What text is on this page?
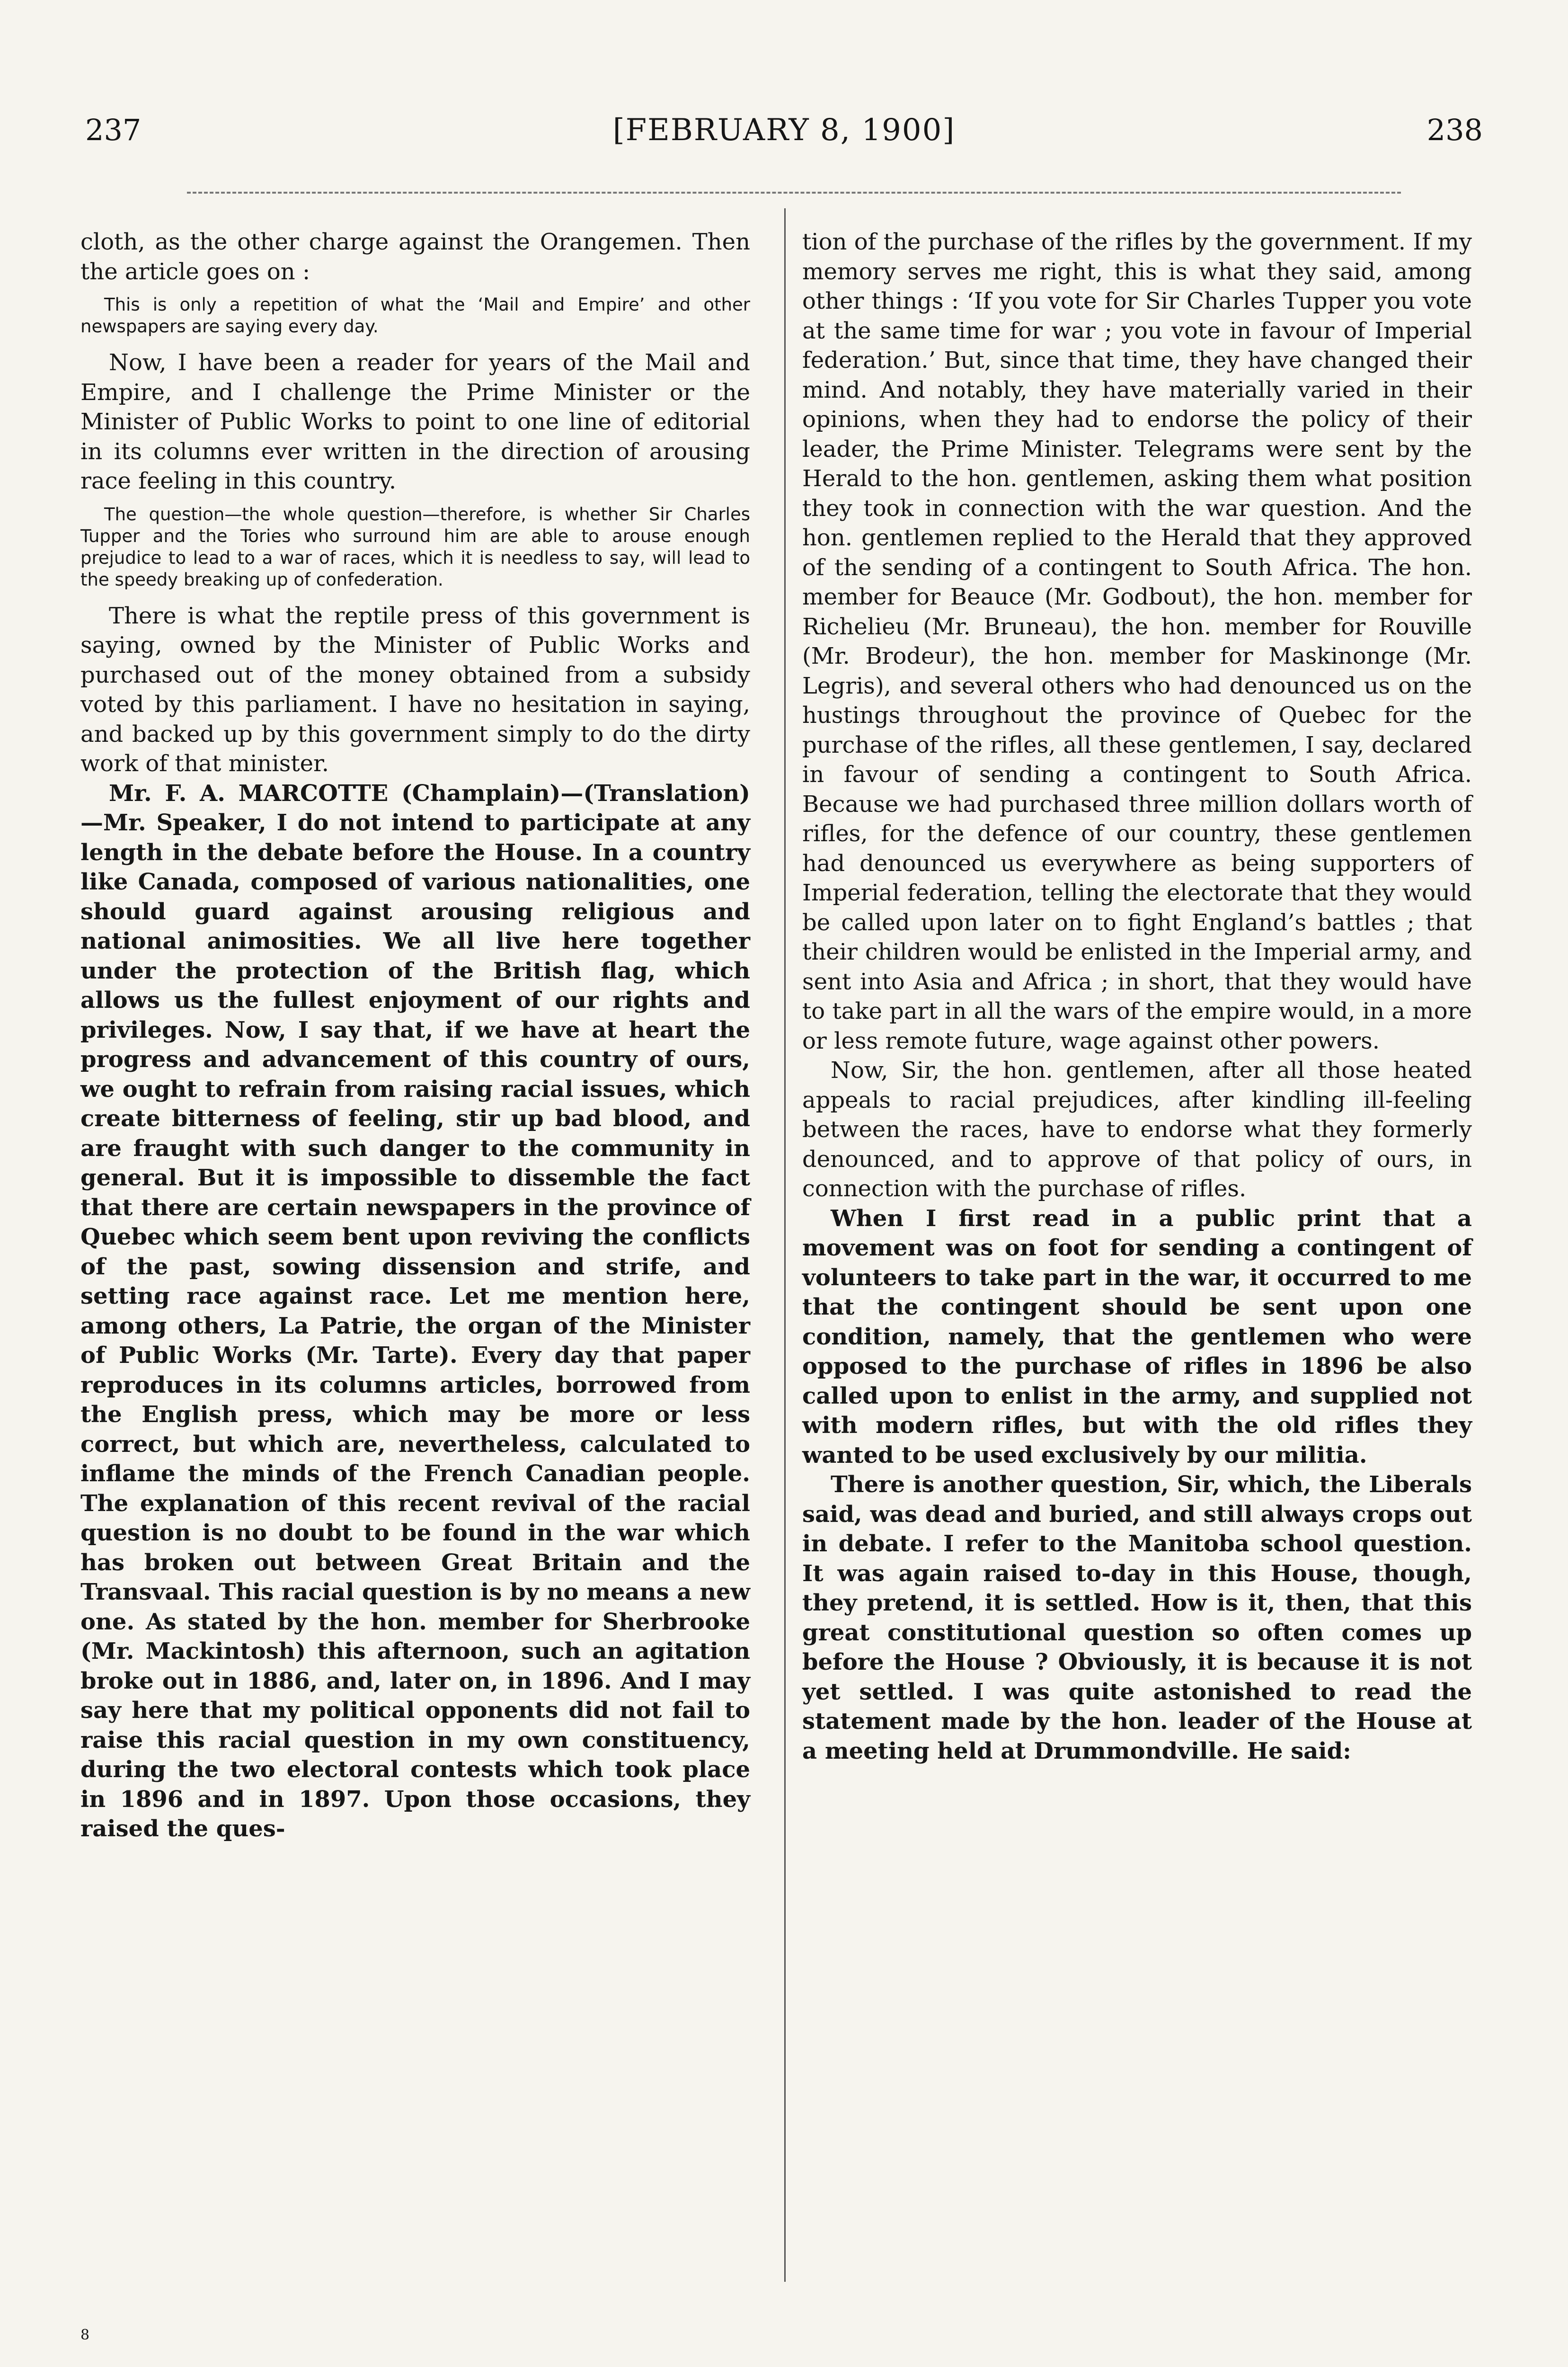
237	[FEBRUARY 8, 1900]	238

cloth, as the other charge against the Orangemen. Then the article goes on :

This is only a repetition of what the ‘Mail and Empire’ and other newspapers are saying every day.

Now, I have been a reader for years of the Mail and Empire, and I challenge the Prime Minister or the Minister of Public Works to point to one line of editorial in its columns ever written in the direction of arousing race feeling in this country.

The question—the whole question—therefore, is whether Sir Charles Tupper and the Tories who surround him are able to arouse enough prejudice to lead to a war of races, which it is needless to say, will lead to the speedy breaking up of confederation.

There is what the reptile press of this government is saying, owned by the Minister of Public Works and purchased out of the money obtained from a subsidy voted by this parliament. I have no hesitation in saying, and backed up by this government simply to do the dirty work of that minister.

Mr. F. A. MARCOTTE (Champlain)—(Translation)—Mr. Speaker, I do not intend to participate at any length in the debate before the House. In a country like Canada, composed of various nationalities, one should guard against arousing religious and national animosities. We all live here together under the protection of the British flag, which allows us the fullest enjoyment of our rights and privileges. Now, I say that, if we have at heart the progress and advancement of this country of ours, we ought to refrain from raising racial issues, which create bitterness of feeling, stir up bad blood, and are fraught with such danger to the community in general. But it is impossible to dissemble the fact that there are certain newspapers in the province of Quebec which seem bent upon reviving the conflicts of the past, sowing dissension and strife, and setting race against race. Let me mention here, among others, La Patrie, the organ of the Minister of Public Works (Mr. Tarte). Every day that paper reproduces in its columns articles, borrowed from the English press, which may be more or less correct, but which are, nevertheless, calculated to inflame the minds of the French Canadian people. The explanation of this recent revival of the racial question is no doubt to be found in the war which has broken out between Great Britain and the Transvaal. This racial question is by no means a new one. As stated by the hon. member for Sherbrooke (Mr. Mackintosh) this afternoon, such an agitation broke out in 1886, and, later on, in 1896. And I may say here that my political opponents did not fail to raise this racial question in my own constituency, during the two electoral contests which took place in 1896 and in 1897. Upon those occasions, they raised the ques-

tion of the purchase of the rifles by the government. If my memory serves me right, this is what they said, among other things : ‘If you vote for Sir Charles Tupper you vote at the same time for war ; you vote in favour of Imperial federation.’ But, since that time, they have changed their mind. And notably, they have materially varied in their opinions, when they had to endorse the policy of their leader, the Prime Minister. Telegrams were sent by the Herald to the hon. gentlemen, asking them what position they took in connection with the war question. And the hon. gentlemen replied to the Herald that they approved of the sending of a contingent to South Africa. The hon. member for Beauce (Mr. Godbout), the hon. member for Richelieu (Mr. Bruneau), the hon. member for Rouville (Mr. Brodeur), the hon. member for Maskinonge (Mr. Legris), and several others who had denounced us on the hustings throughout the province of Quebec for the purchase of the rifles, all these gentlemen, I say, declared in favour of sending a contingent to South Africa. Because we had purchased three million dollars worth of rifles, for the defence of our country, these gentlemen had denounced us everywhere as being supporters of Imperial federation, telling the electorate that they would be called upon later on to fight England’s battles ; that their children would be enlisted in the Imperial army, and sent into Asia and Africa ; in short, that they would have to take part in all the wars of the empire would, in a more or less remote future, wage against other powers.

Now, Sir, the hon. gentlemen, after all those heated appeals to racial prejudices, after kindling ill-feeling between the races, have to endorse what they formerly denounced, and to approve of that policy of ours, in connection with the purchase of rifles.

When I first read in a public print that a movement was on foot for sending a contingent of volunteers to take part in the war, it occurred to me that the contingent should be sent upon one condition, namely, that the gentlemen who were opposed to the purchase of rifles in 1896 be also called upon to enlist in the army, and supplied not with modern rifles, but with the old rifles they wanted to be used exclusively by our militia.

There is another question, Sir, which, the Liberals said, was dead and buried, and still always crops out in debate. I refer to the Manitoba school question. It was again raised to-day in this House, though, they pretend, it is settled. How is it, then, that this great constitutional question so often comes up before the House ? Obviously, it is because it is not yet settled. I was quite astonished to read the statement made by the hon. leader of the House at a meeting held at Drummondville. He said:

8
